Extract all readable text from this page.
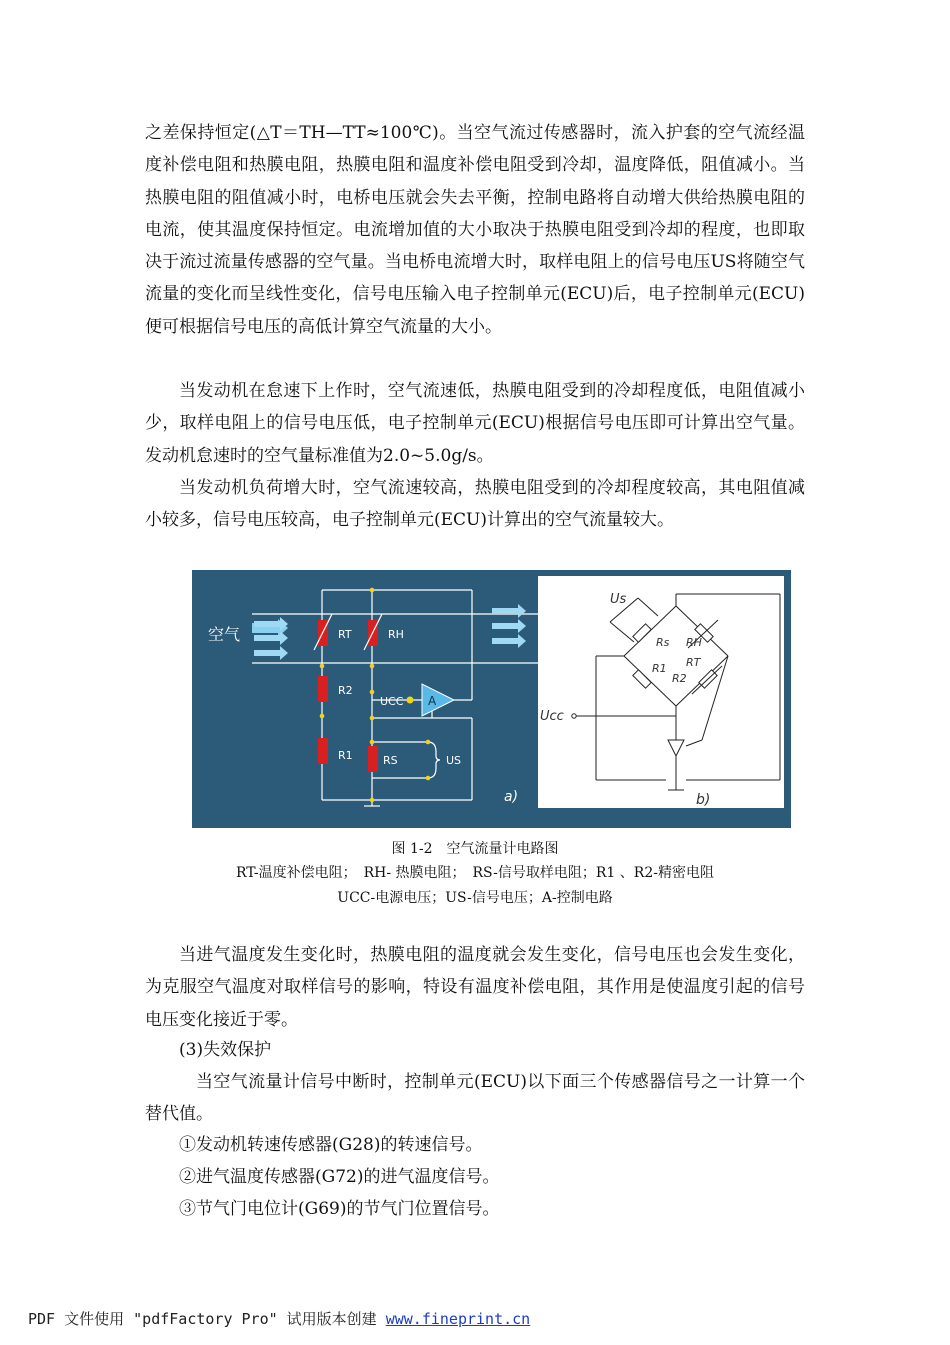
之差保持恒定(△T＝TH—TT≈100℃)。当空气流过传感器时，流入护套的空气流经温度补偿电阻和热膜电阻，热膜电阻和温度补偿电阻受到冷却，温度降低，阻值减小。当热膜电阻的阻值减小时，电桥电压就会失去平衡，控制电路将自动增大供给热膜电阻的电流，使其温度保持恒定。电流增加值的大小取决于热膜电阻受到冷却的程度，也即取决于流过流量传感器的空气量。当电桥电流增大时，取样电阻上的信号电压US将随空气流量的变化而呈线性变化，信号电压输入电子控制单元(ECU)后，电子控制单元(ECU)便可根据信号电压的高低计算空气流量的大小。

当发动机在怠速下上作时，空气流速低，热膜电阻受到的冷却程度低，电阻值减小少，取样电阻上的信号电压低，电子控制单元(ECU)根据信号电压即可计算出空气量。发动机怠速时的空气量标准值为2.0~5.0g/s。

当发动机负荷增大时，空气流速较高，热膜电阻受到的冷却程度较高，其电阻值减小较多，信号电压较高，电子控制单元(ECU)计算出的空气流量较大。

空气	RT	RH
R2
R1	RS
UCC A
US
a)
Us
Rs RH
R1 RT
R2
Ucc
b)
图 1-2　空气流量计电路图
RT-温度补偿电阻；　RH- 热膜电阻；　RS-信号取样电阻；R1 、R2-精密电阻
UCC-电源电压；US-信号电压；A-控制电路

当进气温度发生变化时，热膜电阻的温度就会发生变化，信号电压也会发生变化，为克服空气温度对取样信号的影响，特设有温度补偿电阻，其作用是使温度引起的信号电压变化接近于零。

(3)失效保护

当空气流量计信号中断时，控制单元(ECU)以下面三个传感器信号之一计算一个替代值。

①发动机转速传感器(G28)的转速信号。
②进气温度传感器(G72)的进气温度信号。
③节气门电位计(G69)的节气门位置信号。
PDF 文件使用 "pdfFactory Pro" 试用版本创建 www.fineprint.cn
